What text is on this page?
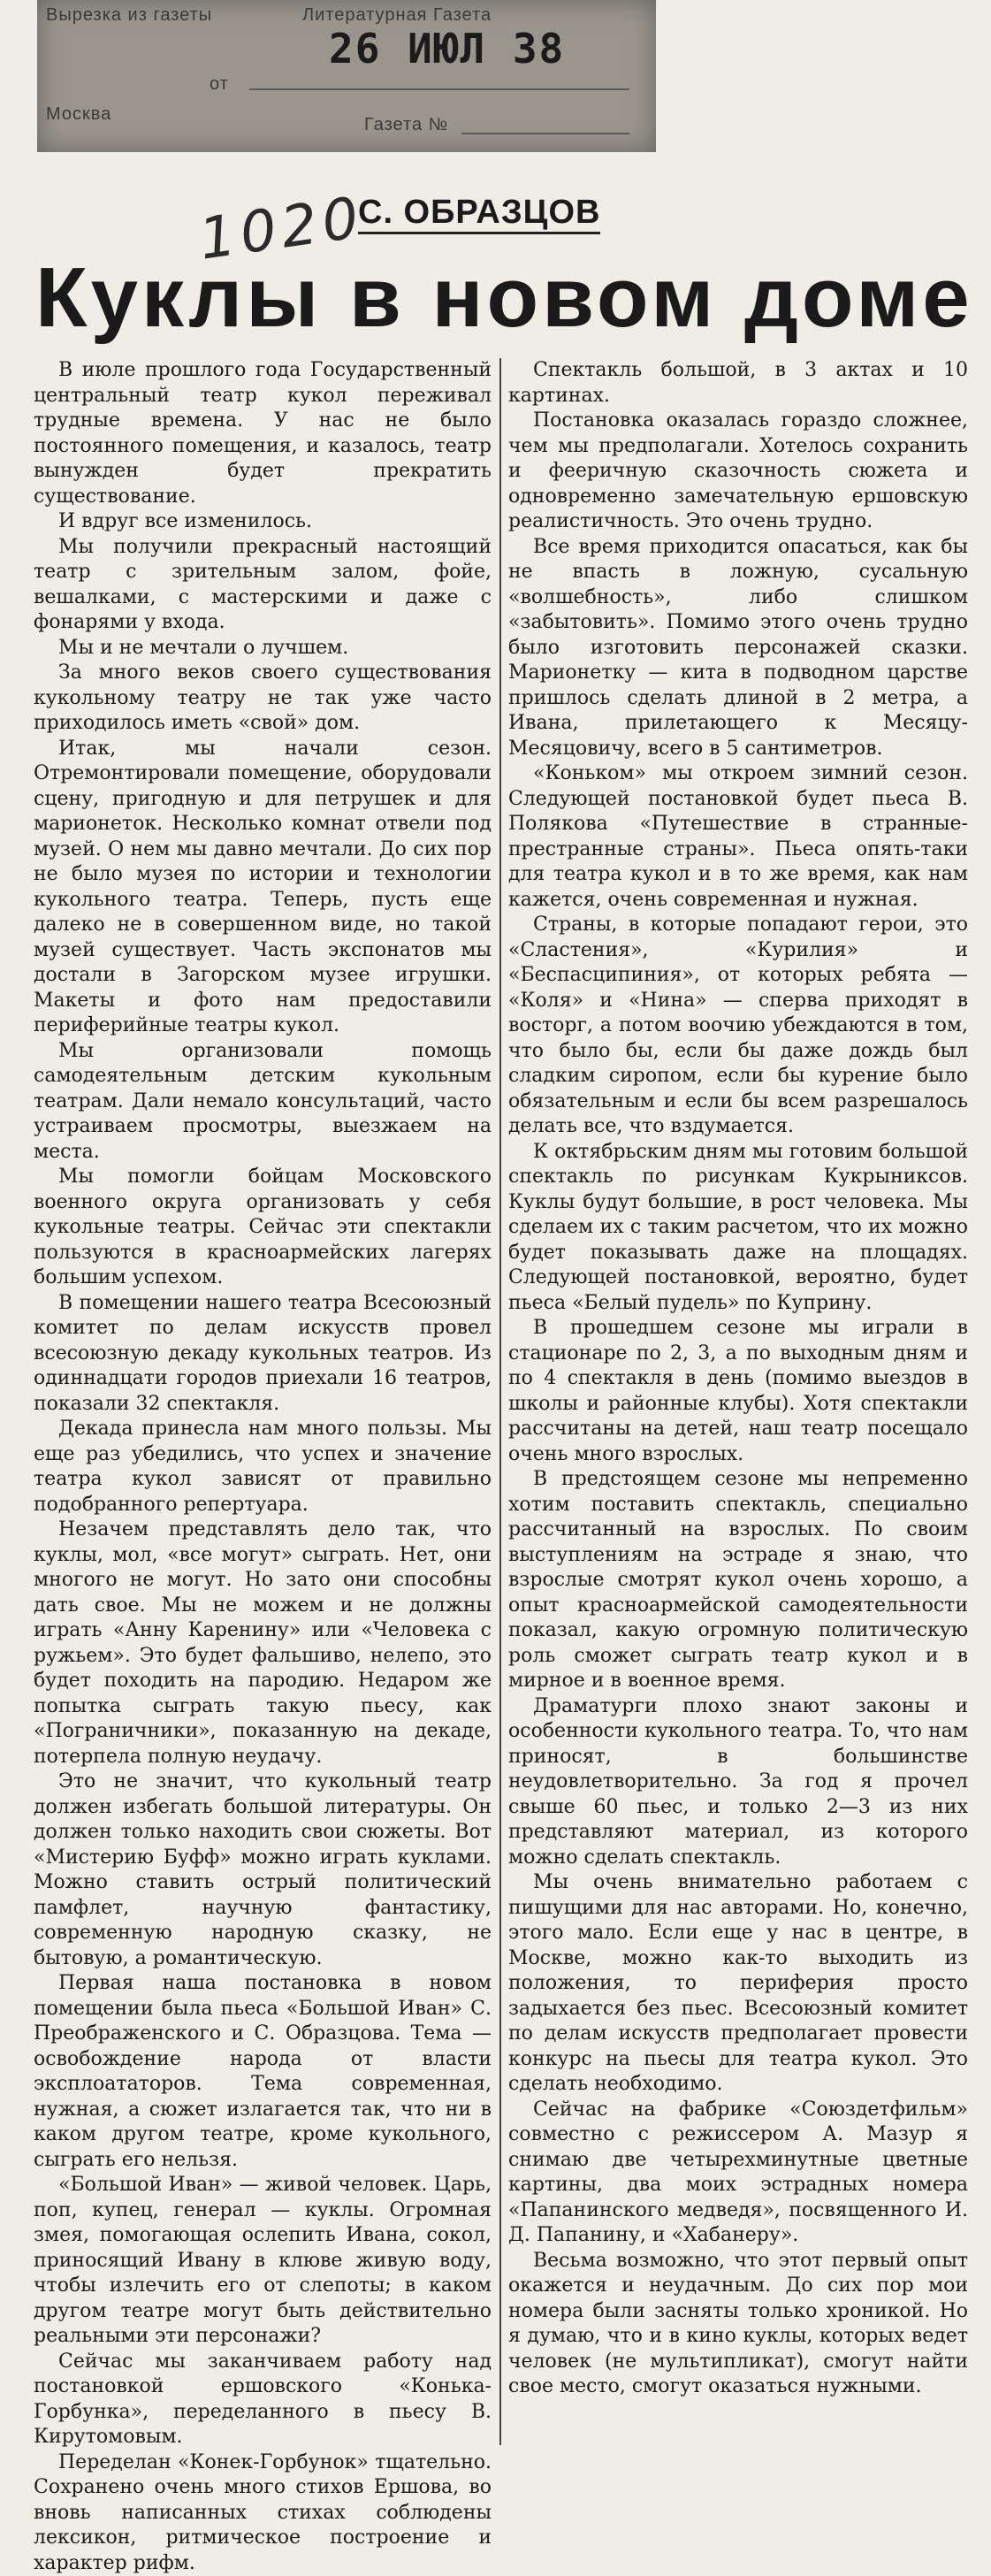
Вырезка из газеты	Литературная Газета
от
26 ИЮЛ 38
Москва
Газета №
1020
С. ОБРАЗЦОВ
Куклы в новом доме

В июле прошлого года Государственный центральный театр кукол переживал трудные времена. У нас не было постоянного помещения, и казалось, театр вынужден будет прекратить существование.

И вдруг все изменилось.

Мы получили прекрасный настоящий театр с зрительным залом, фойе, вешалками, с мастерскими и даже с фонарями у входа.

Мы и не мечтали о лучшем.

За много веков своего существования кукольному театру не так уже часто приходилось иметь «свой» дом.

Итак, мы начали сезон. Отремонтировали помещение, оборудовали сцену, пригодную и для петрушек и для марионеток. Несколько комнат отвели под музей. О нем мы давно мечтали. До сих пор не было музея по истории и технологии кукольного театра. Теперь, пусть еще далеко не в совершенном виде, но такой музей существует. Часть экспонатов мы достали в Загорском музее игрушки. Макеты и фото нам предоставили периферийные театры кукол.

Мы организовали помощь самодеятельным детским кукольным театрам. Дали немало консультаций, часто устраиваем просмотры, выезжаем на места.

Мы помогли бойцам Московского военного округа организовать у себя кукольные театры. Сейчас эти спектакли пользуются в красноармейских лагерях большим успехом.

В помещении нашего театра Всесоюзный комитет по делам искусств провел всесоюзную декаду кукольных театров. Из одиннадцати городов приехали 16 театров, показали 32 спектакля.

Декада принесла нам много пользы. Мы еще раз убедились, что успех и значение театра кукол зависят от правильно подобранного репертуара.

Незачем представлять дело так, что куклы, мол, «все могут» сыграть. Нет, они многого не могут. Но зато они способны дать свое. Мы не можем и не должны играть «Анну Каренину» или «Человека с ружьем». Это будет фальшиво, нелепо, это будет походить на пародию. Недаром же попытка сыграть такую пьесу, как «Пограничники», показанную на декаде, потерпела полную неудачу.

Это не значит, что кукольный театр должен избегать большой литературы. Он должен только находить свои сюжеты. Вот «Мистерию Буфф» можно играть куклами. Можно ставить острый политический памфлет, научную фантастику, современную народную сказку, не бытовую, а романтическую.

Первая наша постановка в новом помещении была пьеса «Большой Иван» С. Преображенского и С. Образцова. Тема — освобождение народа от власти эксплоататоров. Тема современная, нужная, а сюжет излагается так, что ни в каком другом театре, кроме кукольного, сыграть его нельзя.

«Большой Иван» — живой человек. Царь, поп, купец, генерал — куклы. Огромная змея, помогающая ослепить Ивана, сокол, приносящий Ивану в клюве живую воду, чтобы излечить его от слепоты; в каком другом театре могут быть действительно реальными эти персонажи?

Сейчас мы заканчиваем работу над постановкой ершовского «Конька-Горбунка», переделанного в пьесу В. Кирутомовым.

Переделан «Конек-Горбунок» тщательно. Сохранено очень много стихов Ершова, во вновь написанных стихах соблюдены лексикон, ритмическое построение и характер рифм.

Спектакль большой, в 3 актах и 10 картинах.

Постановка оказалась гораздо сложнее, чем мы предполагали. Хотелось сохранить и фееричную сказочность сюжета и одновременно замечательную ершовскую реалистичность. Это очень трудно.

Все время приходится опасаться, как бы не впасть в ложную, сусальную «волшебность», либо слишком «забытовить». Помимо этого очень трудно было изготовить персонажей сказки. Марионетку — кита в подводном царстве пришлось сделать длиной в 2 метра, а Ивана, прилетающего к Месяцу-Месяцовичу, всего в 5 сантиметров.

«Коньком» мы откроем зимний сезон. Следующей постановкой будет пьеса В. Полякова «Путешествие в странные-престранные страны». Пьеса опять-таки для театра кукол и в то же время, как нам кажется, очень современная и нужная.

Страны, в которые попадают герои, это «Сластения», «Курилия» и «Беспасципиния», от которых ребята — «Коля» и «Нина» — сперва приходят в восторг, а потом воочию убеждаются в том, что было бы, если бы даже дождь был сладким сиропом, если бы курение было обязательным и если бы всем разрешалось делать все, что вздумается.

К октябрьским дням мы готовим большой спектакль по рисункам Кукрыниксов. Куклы будут большие, в рост человека. Мы сделаем их с таким расчетом, что их можно будет показывать даже на площадях. Следующей постановкой, вероятно, будет пьеса «Белый пудель» по Куприну.

В прошедшем сезоне мы играли в стационаре по 2, 3, а по выходным дням и по 4 спектакля в день (помимо выездов в школы и районные клубы). Хотя спектакли рассчитаны на детей, наш театр посещало очень много взрослых.

В предстоящем сезоне мы непременно хотим поставить спектакль, специально рассчитанный на взрослых. По своим выступлениям на эстраде я знаю, что взрослые смотрят кукол очень хорошо, а опыт красноармейской самодеятельности показал, какую огромную политическую роль сможет сыграть театр кукол и в мирное и в военное время.

Драматурги плохо знают законы и особенности кукольного театра. То, что нам приносят, в большинстве неудовлетворительно. За год я прочел свыше 60 пьес, и только 2—3 из них представляют материал, из которого можно сделать спектакль.

Мы очень внимательно работаем с пишущими для нас авторами. Но, конечно, этого мало. Если еще у нас в центре, в Москве, можно как-то выходить из положения, то периферия просто задыхается без пьес. Всесоюзный комитет по делам искусств предполагает провести конкурс на пьесы для театра кукол. Это сделать необходимо.

Сейчас на фабрике «Союздетфильм» совместно с режиссером А. Мазур я снимаю две четырехминутные цветные картины, два моих эстрадных номера «Папанинского медведя», посвященного И. Д. Папанину, и «Хабанеру».

Весьма возможно, что этот первый опыт окажется и неудачным. До сих пор мои номера были засняты только хроникой. Но я думаю, что и в кино куклы, которых ведет человек (не мультипликат), смогут найти свое место, смогут оказаться нужными.
